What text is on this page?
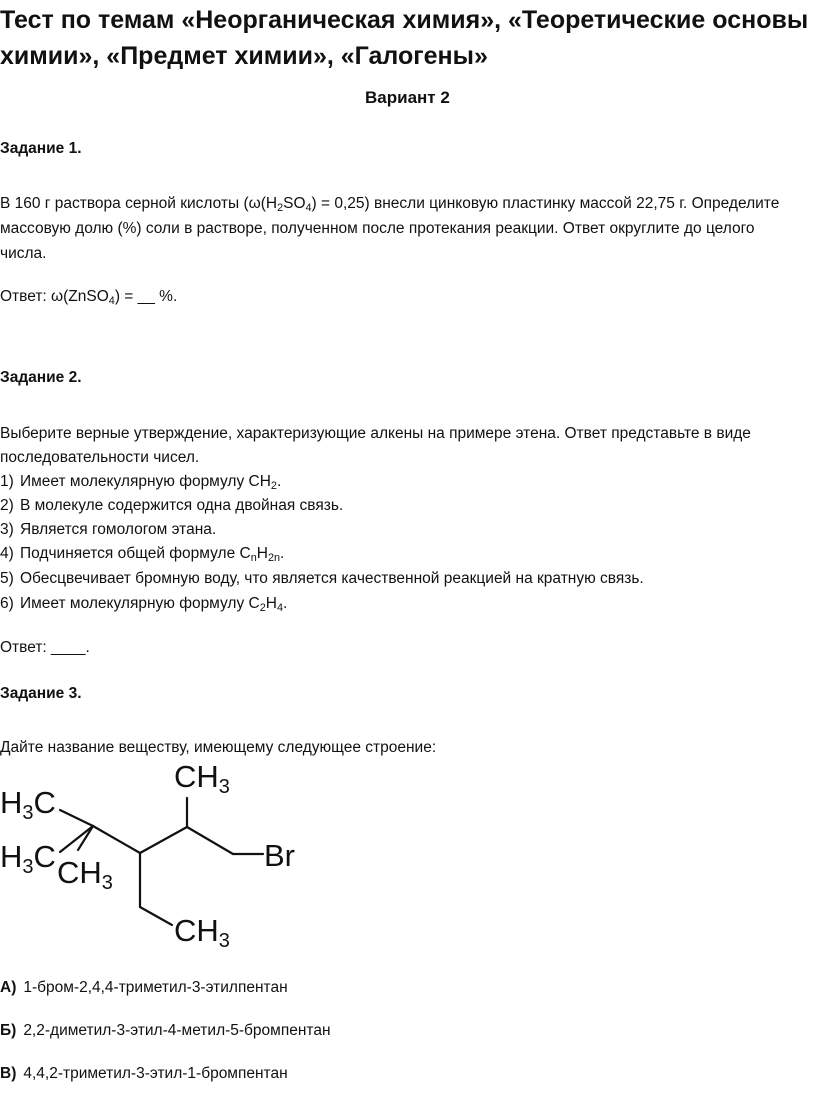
Тест по темам «Неорганическая химия», «Теоретические основы
химии», «Предмет химии», «Галогены»
Вариант 2
Задание 1.
В 160 г раствора серной кислоты $(\omega(H_2SO_4) = 0,25)$ внесли цинковую пластинку массой 22,75 г. Определите
массовую долю (%) соли в растворе, полученном после протекания реакции. Ответ округлите до целого
числа.
Ответ: ω(ZnSO$_4$) = __ %.
Задание 2.
Выберите верные утверждение, характеризующие алкены на примере этена. Ответ представьте в виде
последовательности чисел.
1) Имеет молекулярную формулу $CH_2$.
2) В молекуле содержится одна двойная связь.
3) Является гомологом этана.
4) Подчиняется общей формуле $C_nH_{2n}$.
5) Обесцвечивает бромную воду, что является качественной реакцией на кратную связь.
6) Имеет молекулярную формулу $C_2H_4$.
Ответ: ____.
Задание 3.
Дайте название веществу, имеющему следующее строение:
CH3
H3C
H3C CH3
Br
CH3
А) 1-бром-2,4,4-триметил-3-этилпентан
Б) 2,2-диметил-3-этил-4-метил-5-бромпентан
В) 4,4,2-триметил-3-этил-1-бромпентан
